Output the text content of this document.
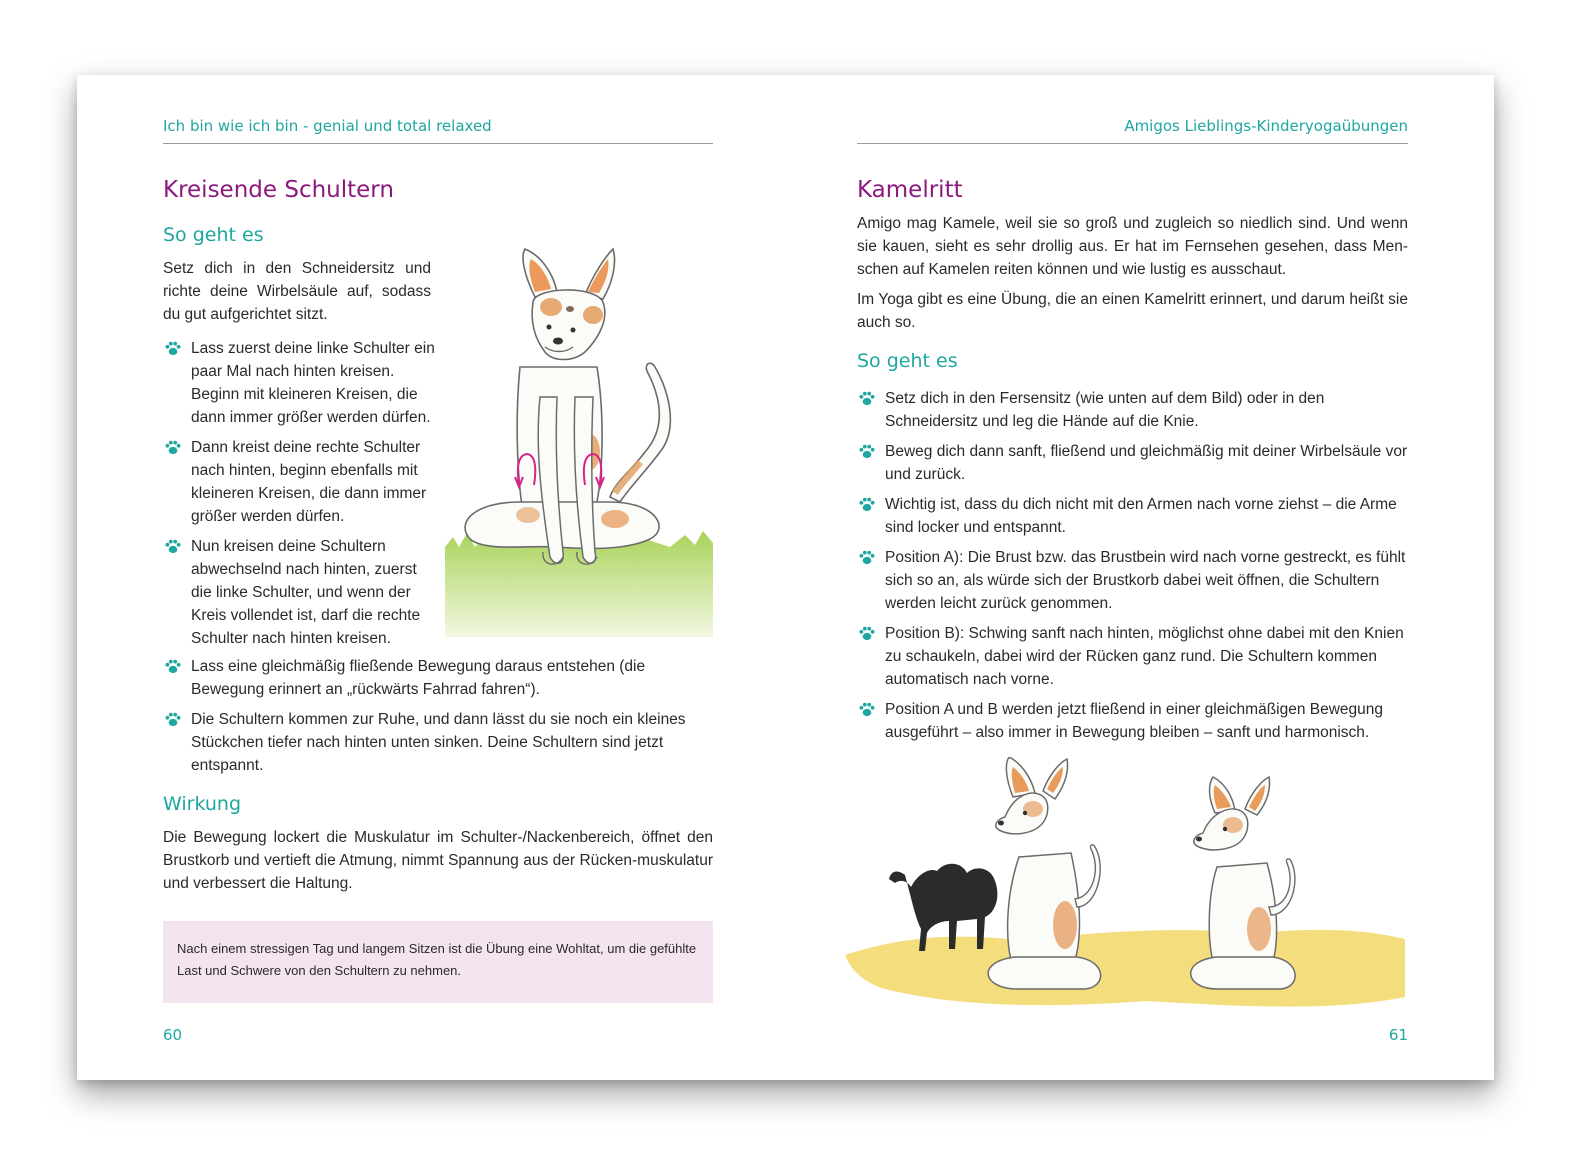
Ich bin wie ich bin - genial und total relaxed
Kreisende Schultern
So geht es

Setz dich in den Schneidersitz und richte deine Wirbelsäule auf, sodass du gut aufgerichtet sitzt.

Lass zuerst deine linke Schulter ein paar Mal nach hinten kreisen. Beginn mit kleineren Kreisen, die dann immer größer werden dürfen.
Dann kreist deine rechte Schulter nach hinten, beginn ebenfalls mit kleineren Kreisen, die dann immer größer werden dürfen.
Nun kreisen deine Schultern abwechselnd nach hinten, zuerst die linke Schulter, und wenn der Kreis vollendet ist, darf die rechte Schulter nach hinten kreisen.
Lass eine gleichmäßig fließende Bewegung daraus entstehen (die Bewegung erinnert an „rückwärts Fahrrad fahren“).
Die Schultern kommen zur Ruhe, und dann lässt du sie noch ein kleines Stückchen tiefer nach hinten unten sinken. Deine Schultern sind jetzt entspannt.
Wirkung

Die Bewegung lockert die Muskulatur im Schulter-/Nackenbereich, öffnet den Brustkorb und vertieft die Atmung, nimmt Spannung aus der Rücken-muskulatur und verbessert die Haltung.

Nach einem stressigen Tag und langem Sitzen ist die Übung eine Wohltat, um die gefühlte Last und Schwere von den Schultern zu nehmen.
60
Amigos Lieblings-Kinderyogaübungen
Kamelritt

Amigo mag Kamele, weil sie so groß und zugleich so niedlich sind. Und wenn sie kauen, sieht es sehr drollig aus. Er hat im Fernsehen gesehen, dass Men-schen auf Kamelen reiten können und wie lustig es ausschaut.

Im Yoga gibt es eine Übung, die an einen Kamelritt erinnert, und darum heißt sie auch so.

So geht es
Setz dich in den Fersensitz (wie unten auf dem Bild) oder in den Schneidersitz und leg die Hände auf die Knie.
Beweg dich dann sanft, fließend und gleichmäßig mit deiner Wirbelsäule vor und zurück.
Wichtig ist, dass du dich nicht mit den Armen nach vorne ziehst – die Arme sind locker und entspannt.
Position A): Die Brust bzw. das Brustbein wird nach vorne gestreckt, es fühlt sich so an, als würde sich der Brustkorb dabei weit öffnen, die Schultern werden leicht zurück genommen.
Position B): Schwing sanft nach hinten, möglichst ohne dabei mit den Knien zu schaukeln, dabei wird der Rücken ganz rund. Die Schultern kommen automatisch nach vorne.
Position A und B werden jetzt fließend in einer gleichmäßigen Bewegung ausgeführt – also immer in Bewegung bleiben – sanft und harmonisch.
61
